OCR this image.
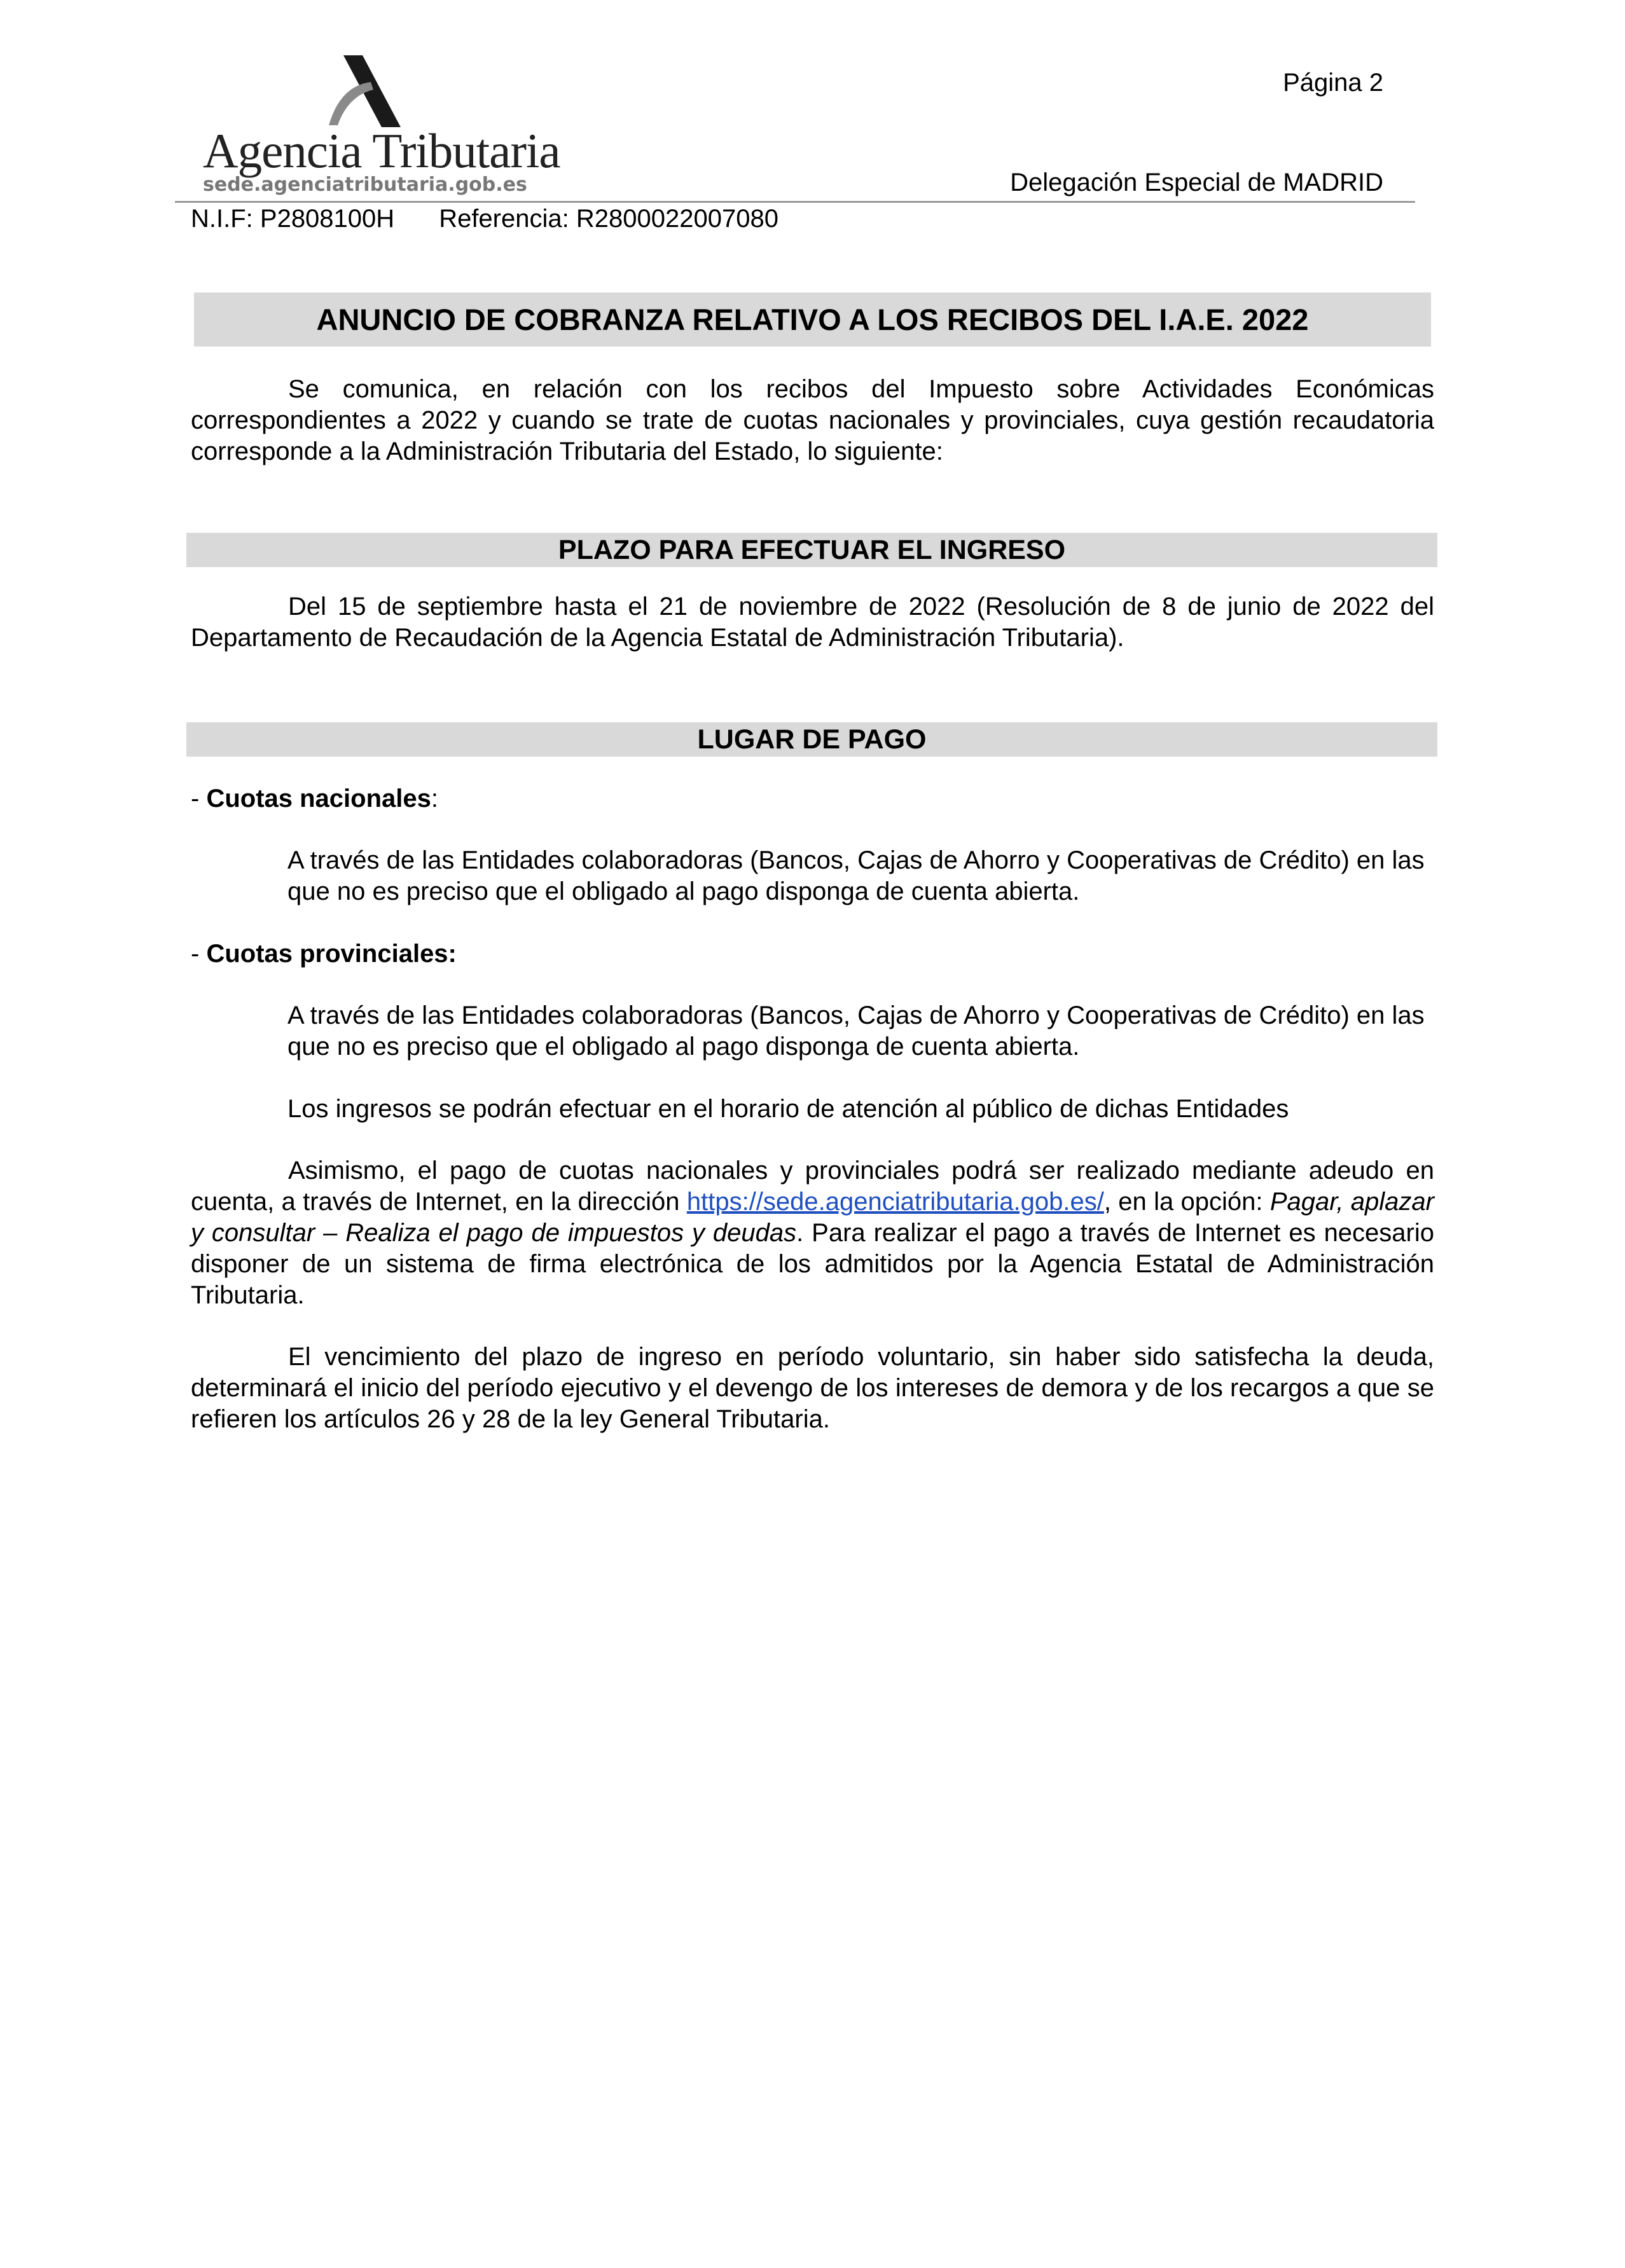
Agencia Tributaria
sede.agenciatributaria.gob.es
Página 2
Delegación Especial de MADRID
N.I.F: P2808100H Referencia: R2800022007080
ANUNCIO DE COBRANZA RELATIVO A LOS RECIBOS DEL I.A.E. 2022
Se comunica, en relación con los recibos del Impuesto sobre Actividades Económicas correspondientes a 2022 y cuando se trate de cuotas nacionales y provinciales, cuya gestión recaudatoria corresponde a la Administración Tributaria del Estado, lo siguiente:
PLAZO PARA EFECTUAR EL INGRESO
Del 15 de septiembre hasta el 21 de noviembre de 2022 (Resolución de 8 de junio de 2022 del Departamento de Recaudación de la Agencia Estatal de Administración Tributaria).
LUGAR DE PAGO
- Cuotas nacionales:
A través de las Entidades colaboradoras (Bancos, Cajas de Ahorro y Cooperativas de Crédito) en las que no es preciso que el obligado al pago disponga de cuenta abierta.
- Cuotas provinciales:
A través de las Entidades colaboradoras (Bancos, Cajas de Ahorro y Cooperativas de Crédito) en las que no es preciso que el obligado al pago disponga de cuenta abierta.
Los ingresos se podrán efectuar en el horario de atención al público de dichas Entidades
Asimismo, el pago de cuotas nacionales y provinciales podrá ser realizado mediante adeudo en cuenta, a través de Internet, en la dirección https://sede.agenciatributaria.gob.es/, en la opción: Pagar, aplazar y consultar – Realiza el pago de impuestos y deudas. Para realizar el pago a través de Internet es necesario disponer de un sistema de firma electrónica de los admitidos por la Agencia Estatal de Administración Tributaria.
El vencimiento del plazo de ingreso en período voluntario, sin haber sido satisfecha la deuda, determinará el inicio del período ejecutivo y el devengo de los intereses de demora y de los recargos a que se refieren los artículos 26 y 28 de la ley General Tributaria.
